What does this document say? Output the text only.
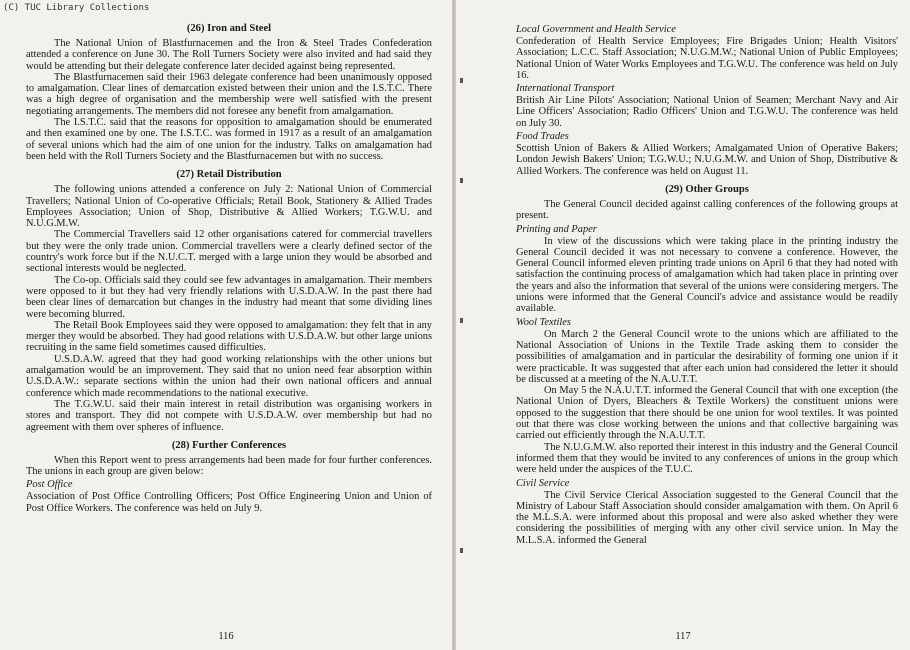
(C) TUC Library Collections
(26) Iron and Steel

The National Union of Blastfurnacemen and the Iron & Steel Trades Confederation attended a conference on June 30. The Roll Turners Society were also invited and had said they would be attending but their delegate conference later decided against being represented.

The Blastfurnacemen said their 1963 delegate conference had been unanimously opposed to amalgamation. Clear lines of demarcation existed between their union and the I.S.T.C. There was a high degree of organisation and the membership were well satisfied with the present negotiating arrangements. The members did not foresee any benefit from amalgamation.

The I.S.T.C. said that the reasons for opposition to amalgamation should be enumerated and then examined one by one. The I.S.T.C. was formed in 1917 as a result of an amalgamation of several unions which had the aim of one union for the industry. Talks on amalgamation had been held with the Roll Turners Society and the Blastfurnacemen but with no success.

(27) Retail Distribution

The following unions attended a conference on July 2: National Union of Commercial Travellers; National Union of Co-operative Officials; Retail Book, Stationery & Allied Trades Employees Association; Union of Shop, Distributive & Allied Workers; T.G.W.U. and N.U.G.M.W.

The Commercial Travellers said 12 other organisations catered for commercial travellers but they were the only trade union. Commercial travellers were a clearly defined sector of the country's work force but if the N.U.C.T. merged with a large union they would be absorbed and sectional interests would be neglected.

The Co-op. Officials said they could see few advantages in amalgamation. Their members were opposed to it but they had very friendly relations with U.S.D.A.W. In the past there had been clear lines of demarcation but changes in the industry had meant that some dividing lines were becoming blurred.

The Retail Book Employees said they were opposed to amalgamation: they felt that in any merger they would be absorbed. They had good relations with U.S.D.A.W. but other large unions recruiting in the same field sometimes caused difficulties.

U.S.D.A.W. agreed that they had good working relationships with the other unions but amalgamation would be an improvement. They said that no union need fear absorption within U.S.D.A.W.: separate sections within the union had their own national officers and annual conference which made recommendations to the national executive.

The T.G.W.U. said their main interest in retail distribution was organising workers in stores and transport. They did not compete with U.S.D.A.W. over membership but had no agreement with them over spheres of influence.

(28) Further Conferences

When this Report went to press arrangements had been made for four further conferences. The unions in each group are given below:

Post Office

Association of Post Office Controlling Officers; Post Office Engineering Union and Union of Post Office Workers. The conference was held on July 9.

116
Local Government and Health Service

Confederation of Health Service Employees; Fire Brigades Union; Health Visitors' Association; L.C.C. Staff Association; N.U.G.M.W.; National Union of Public Employees; National Union of Water Works Employees and T.G.W.U. The conference was held on July 16.

International Transport

British Air Line Pilots' Association; National Union of Seamen; Merchant Navy and Air Line Officers' Association; Radio Officers' Union and T.G.W.U. The conference was held on July 30.

Food Trades

Scottish Union of Bakers & Allied Workers; Amalgamated Union of Operative Bakers; London Jewish Bakers' Union; T.G.W.U.; N.U.G.M.W. and Union of Shop, Distributive & Allied Workers. The conference was held on August 11.

(29) Other Groups

The General Council decided against calling conferences of the following groups at present.

Printing and Paper

In view of the discussions which were taking place in the printing industry the General Council decided it was not necessary to convene a conference. However, the General Council informed eleven printing trade unions on April 6 that they had noted with satisfaction the continuing process of amalgamation which had taken place in printing over the years and also the information that several of the unions were considering mergers. The unions were informed that the General Council's advice and assistance would be readily available.

Wool Textiles

On March 2 the General Council wrote to the unions which are affiliated to the National Association of Unions in the Textile Trade asking them to consider the possibilities of amalgamation and in particular the desirability of forming one union if it were practicable. It was suggested that after each union had considered the letter it should be discussed at a meeting of the N.A.U.T.T.

On May 5 the N.A.U.T.T. informed the General Council that with one exception (the National Union of Dyers, Bleachers & Textile Workers) the constituent unions were opposed to the suggestion that there should be one union for wool textiles. It was pointed out that there was close working between the unions and that collective bargaining was carried out efficiently through the N.A.U.T.T.

The N.U.G.M.W. also reported their interest in this industry and the General Council informed them that they would be invited to any conferences of unions in the group which were held under the auspices of the T.U.C.

Civil Service

The Civil Service Clerical Association suggested to the General Council that the Ministry of Labour Staff Association should consider amalgamation with them. On April 6 the M.L.S.A. were informed about this proposal and were also asked whether they were considering the possibilities of merging with any other civil service union. In May the M.L.S.A. informed the General

117
